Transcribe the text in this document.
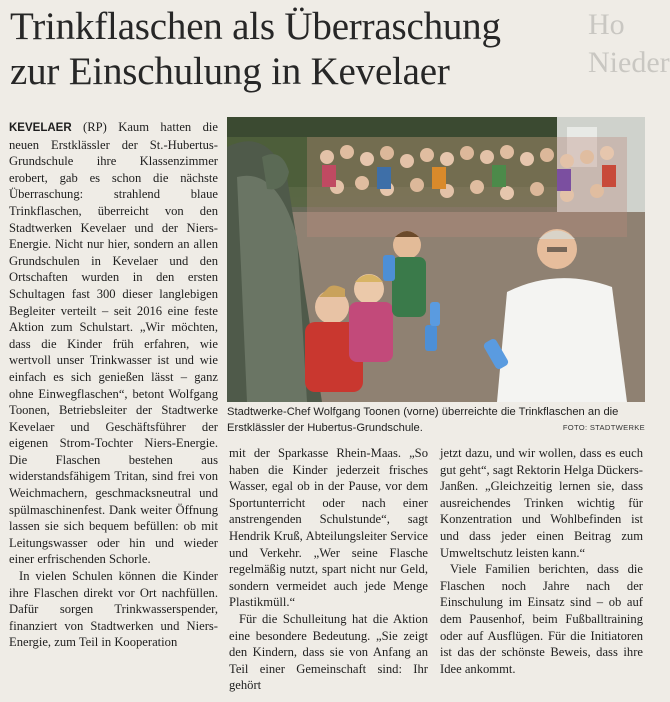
Trinkflaschen als Überraschung
zur Einschulung in Kevelaer
Ho
Nieder
Stadtwerke-Chef Wolfgang Toonen (vorne) überreichte die Trinkflaschen an die Erstklässler der Hubertus-Grundschule.	FOTO: STADTWERKE

KEVELAER (RP) Kaum hatten die neuen Erstklässler der St.-Hubertus-Grundschule ihre Klassenzimmer erobert, gab es schon die nächste Überraschung: strahlend blaue Trinkflaschen, überreicht von den Stadtwerken Kevelaer und der Niers-Energie. Nicht nur hier, sondern an allen Grundschulen in Kevelaer und den Ortschaften wurden in den ersten Schultagen fast 300 dieser langlebigen Begleiter verteilt – seit 2016 eine feste Aktion zum Schulstart. „Wir möchten, dass die Kinder früh erfahren, wie wertvoll unser Trinkwasser ist und wie einfach es sich genießen lässt – ganz ohne Einwegflaschen“, betont Wolfgang Toonen, Betriebsleiter der Stadtwerke Kevelaer und Geschäftsführer der eigenen Strom-Tochter Niers-Energie. Die Flaschen bestehen aus widerstandsfähigem Tritan, sind frei von Weichmachern, geschmacksneutral und spülmaschinenfest. Dank weiter Öffnung lassen sie sich bequem befüllen: ob mit Leitungswasser oder hin und wieder einer erfrischenden Schorle.

In vielen Schulen können die Kinder ihre Flaschen direkt vor Ort nachfüllen. Dafür sorgen Trinkwasserspender, finanziert von Stadtwerken und Niers-Energie, zum Teil in Kooperation

mit der Sparkasse Rhein-Maas. „So haben die Kinder jederzeit frisches Wasser, egal ob in der Pause, vor dem Sportunterricht oder nach einer anstrengenden Schulstunde“, sagt Hendrik Kruß, Abteilungsleiter Service und Verkehr. „Wer seine Flasche regelmäßig nutzt, spart nicht nur Geld, sondern vermeidet auch jede Menge Plastikmüll.“

Für die Schulleitung hat die Aktion eine besondere Bedeutung. „Sie zeigt den Kindern, dass sie von Anfang an Teil einer Gemeinschaft sind: Ihr gehört

jetzt dazu, und wir wollen, dass es euch gut geht“, sagt Rektorin Helga Dückers-Janßen. „Gleichzeitig lernen sie, dass ausreichendes Trinken wichtig für Konzentration und Wohlbefinden ist und dass jeder einen Beitrag zum Umweltschutz leisten kann.“

Viele Familien berichten, dass die Flaschen noch Jahre nach der Einschulung im Einsatz sind – ob auf dem Pausenhof, beim Fußballtraining oder auf Ausflügen. Für die Initiatoren ist das der schönste Beweis, dass ihre Idee ankommt.
